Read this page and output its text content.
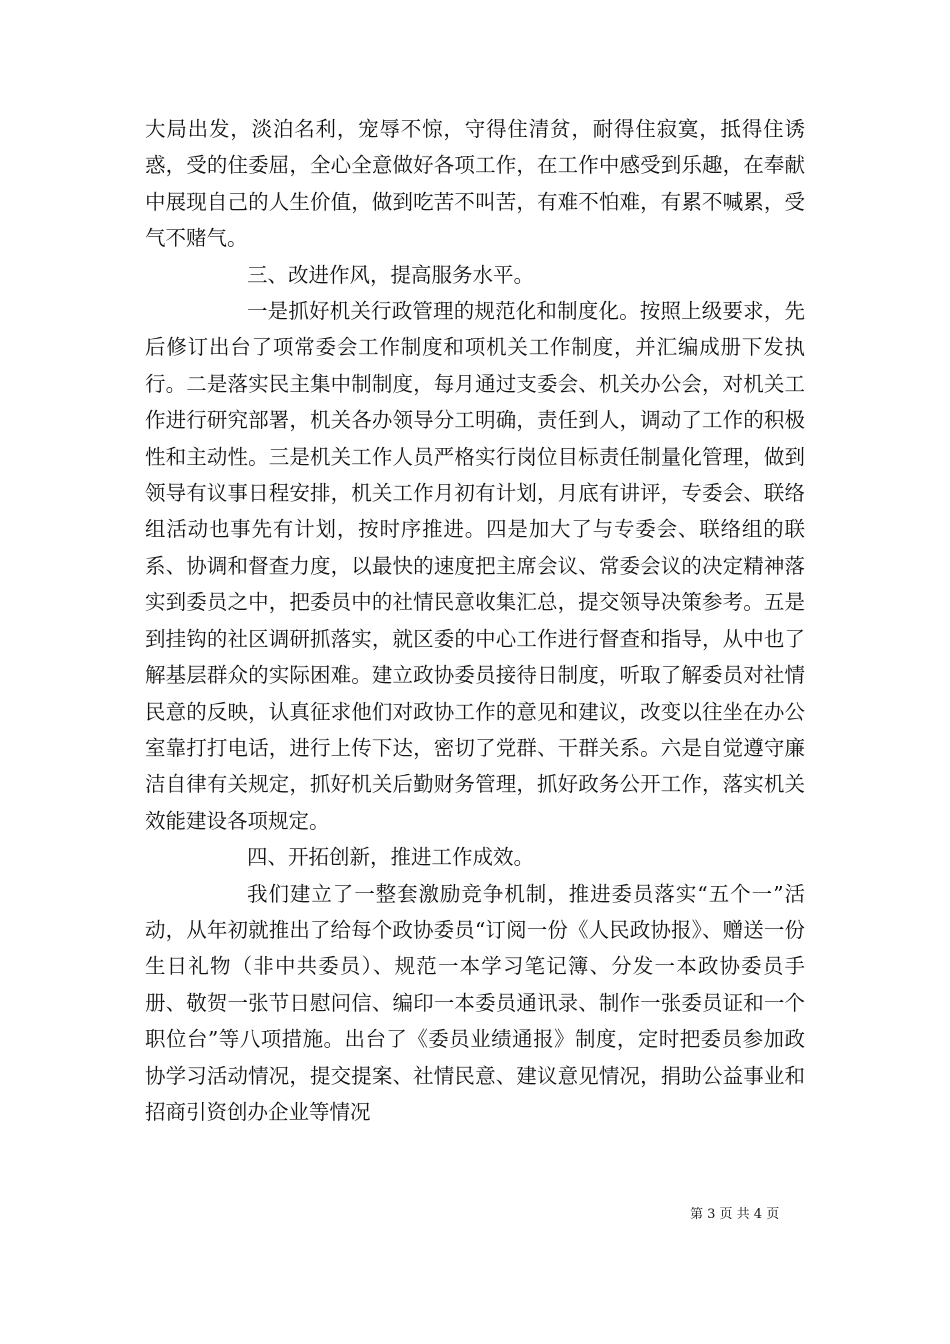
大局出发，淡泊名利，宠辱不惊，守得住清贫，耐得住寂寞，抵得住诱惑，受的住委屈，全心全意做好各项工作，在工作中感受到乐趣，在奉献中展现自己的人生价值，做到吃苦不叫苦，有难不怕难，有累不喊累，受气不赌气。

三、改进作风，提高服务水平。

一是抓好机关行政管理的规范化和制度化。按照上级要求，先后修订出台了项常委会工作制度和项机关工作制度，并汇编成册下发执行。二是落实民主集中制制度，每月通过支委会、机关办公会，对机关工作进行研究部署，机关各办领导分工明确，责任到人，调动了工作的积极性和主动性。三是机关工作人员严格实行岗位目标责任制量化管理，做到领导有议事日程安排，机关工作月初有计划，月底有讲评，专委会、联络组活动也事先有计划，按时序推进。四是加大了与专委会、联络组的联系、协调和督查力度，以最快的速度把主席会议、常委会议的决定精神落实到委员之中，把委员中的社情民意收集汇总，提交领导决策参考。五是到挂钩的社区调研抓落实，就区委的中心工作进行督查和指导，从中也了解基层群众的实际困难。建立政协委员接待日制度，听取了解委员对社情民意的反映，认真征求他们对政协工作的意见和建议，改变以往坐在办公室靠打打电话，进行上传下达，密切了党群、干群关系。六是自觉遵守廉洁自律有关规定，抓好机关后勤财务管理，抓好政务公开工作，落实机关效能建设各项规定。

四、开拓创新，推进工作成效。

我们建立了一整套激励竞争机制，推进委员落实“五个一”活动，从年初就推出了给每个政协委员“订阅一份《人民政协报》、赠送一份生日礼物（非中共委员）、规范一本学习笔记簿、分发一本政协委员手册、敬贺一张节日慰问信、编印一本委员通讯录、制作一张委员证和一个职位台”等八项措施。出台了《委员业绩通报》制度，定时把委员参加政协学习活动情况，提交提案、社情民意、建议意见情况，捐助公益事业和招商引资创办企业等情况

第 3 页 共 4 页
